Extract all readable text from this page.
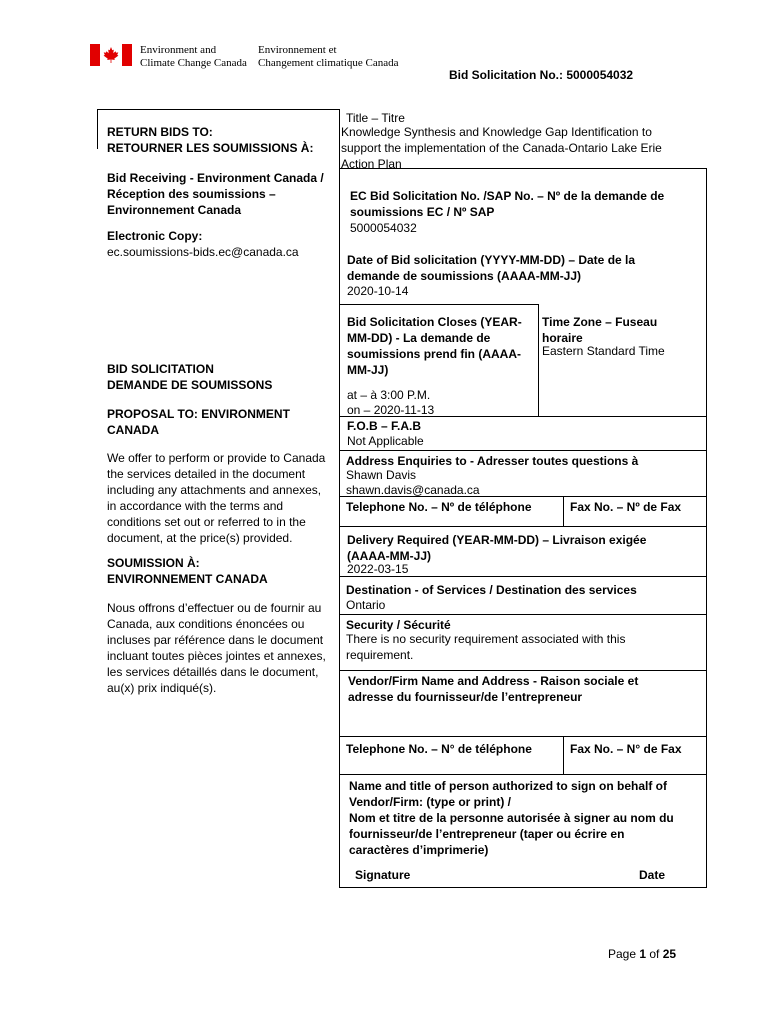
Environment and
Climate Change Canada
Environnement et
Changement climatique Canada
Bid Solicitation No.: 5000054032
RETURN BIDS TO:
RETOURNER LES SOUMISSIONS À:
Bid Receiving - Environment Canada /
Réception des soumissions –
Environnement Canada
Electronic Copy:
ec.soumissions-bids.ec@canada.ca
BID SOLICITATION
DEMANDE DE SOUMISSONS
PROPOSAL TO: ENVIRONMENT
CANADA
We offer to perform or provide to Canada
the services detailed in the document
including any attachments and annexes,
in accordance with the terms and
conditions set out or referred to in the
document, at the price(s) provided.
SOUMISSION À:
ENVIRONNEMENT CANADA
Nous offrons d’effectuer ou de fournir au
Canada, aux conditions énoncées ou
incluses par référence dans le document
incluant toutes pièces jointes et annexes,
les services détaillés dans le document,
au(x) prix indiqué(s).
Title – Titre
Knowledge Synthesis and Knowledge Gap Identification to
support the implementation of the Canada-Ontario Lake Erie
Action Plan
EC Bid Solicitation No. /SAP No. – Nº de la demande de
soumissions EC / Nº SAP
5000054032
Date of Bid solicitation (YYYY-MM-DD) – Date de la
demande de soumissions (AAAA-MM-JJ)
2020-10-14
Bid Solicitation Closes (YEAR-
MM-DD) - La demande de
soumissions prend fin (AAAA-
MM-JJ)
at – à 3:00 P.M.
on – 2020-11-13
Time Zone – Fuseau
horaire
Eastern Standard Time
F.O.B – F.A.B
Not Applicable
Address Enquiries to - Adresser toutes questions à
Shawn Davis
shawn.davis@canada.ca
Telephone No. – Nº de téléphone	Fax No. – Nº de Fax
Delivery Required (YEAR-MM-DD) – Livraison exigée
(AAAA-MM-JJ)
2022-03-15
Destination - of Services / Destination des services
Ontario
Security / Sécurité
There is no security requirement associated with this
requirement.
Vendor/Firm Name and Address - Raison sociale et
adresse du fournisseur/de l’entrepreneur
Telephone No. – N° de téléphone	Fax No. – N° de Fax
Name and title of person authorized to sign on behalf of
Vendor/Firm: (type or print) /
Nom et titre de la personne autorisée à signer au nom du
fournisseur/de l’entrepreneur (taper ou écrire en
caractères d’imprimerie)
Signature	Date
Page 1 of 25
